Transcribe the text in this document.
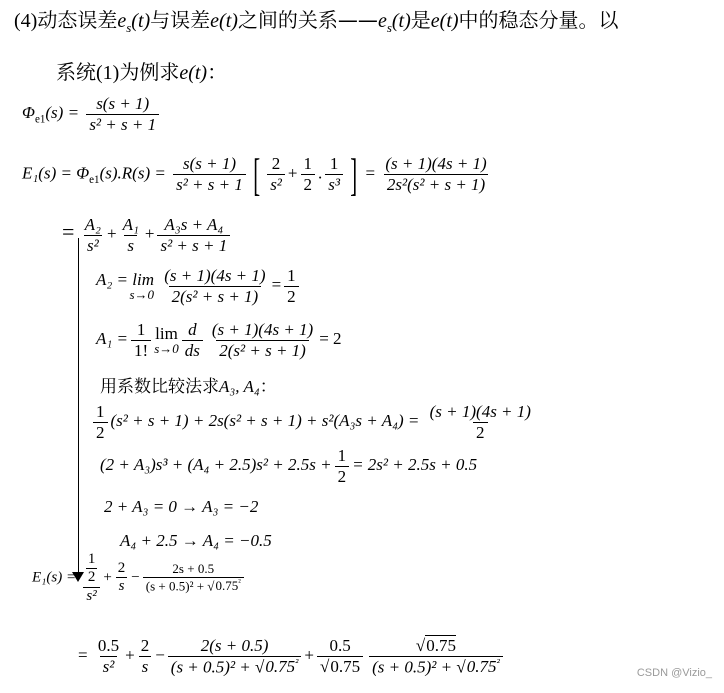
(4)动态误差$e_s(t)$与误差e(t)之间的关系$——e_s(t)$是e(t)中的稳态分量。以
系统(1)为例求e(t)：
$\Phi_{e1}(s) = \frac{s(s + 1)}{\text{s² + s + 1}}$
$E_1(s) = \Phi_{e1}(s).R(s) = \frac{s(s + 1)}{\text{s² + s + 1}}$ [ $\frac{2}{\text{s²}} + \frac{1}{2}$ . $\frac{1}{\text{s³}}$ ] = $\frac{(s + 1)(4s + 1)}{\text{2s²(s² + s + 1)}}$
= $\frac{\text{A₂}}{\text{s²}} + \frac{\text{A₁}}{s} + \frac{\text{A₃s + A₄}}{\text{s² + s + 1}}$
A₂ = lim
s→0
$\frac{(s + 1)(4s + 1)}{\text{2(s² + s + 1)}} = \frac{1}{2}$
$A_1 = \frac{1}{1!}$ lim
$s\to 0 \frac{d}{ds} \frac{(s + 1)(4s + 1)}{\text{2(s² + s + 1)}} = 2$
用系数比较法求A₃, A₄：
$\frac{1}{2} (s^2 + s + 1) + 2s(s^2 + s + 1) + s^2(A_3s + A_4) = \frac{(s + 1)(4s + 1)}{2}$
$(2 + A_3)s^3 + (A_4 + 2.5)s^2 + 2.5s + \frac{1}{2} = 2s^2 + 2.5s + 0.5$
2 + A₃ = 0 → A₃ = −2
A₄ + 2.5 → A₄ = −0.5
E₁(s) = 1
2
$s^2 + \frac{2}{s} - \frac{2s + 0.5}{(s + 0.5)^2 + √0.75^{^2}}$
= $\frac{0.5}{\text{s²}} + \frac{2}{s} - \frac{2(s + 0.5)}{(s + 0.5)^2 + √0.75^{^2}} + \frac{0.5}{√0.75} \frac{√0.75}{(s + 0.5)^2 + √0.75^{^2}}$	CSDN @Vizio_
